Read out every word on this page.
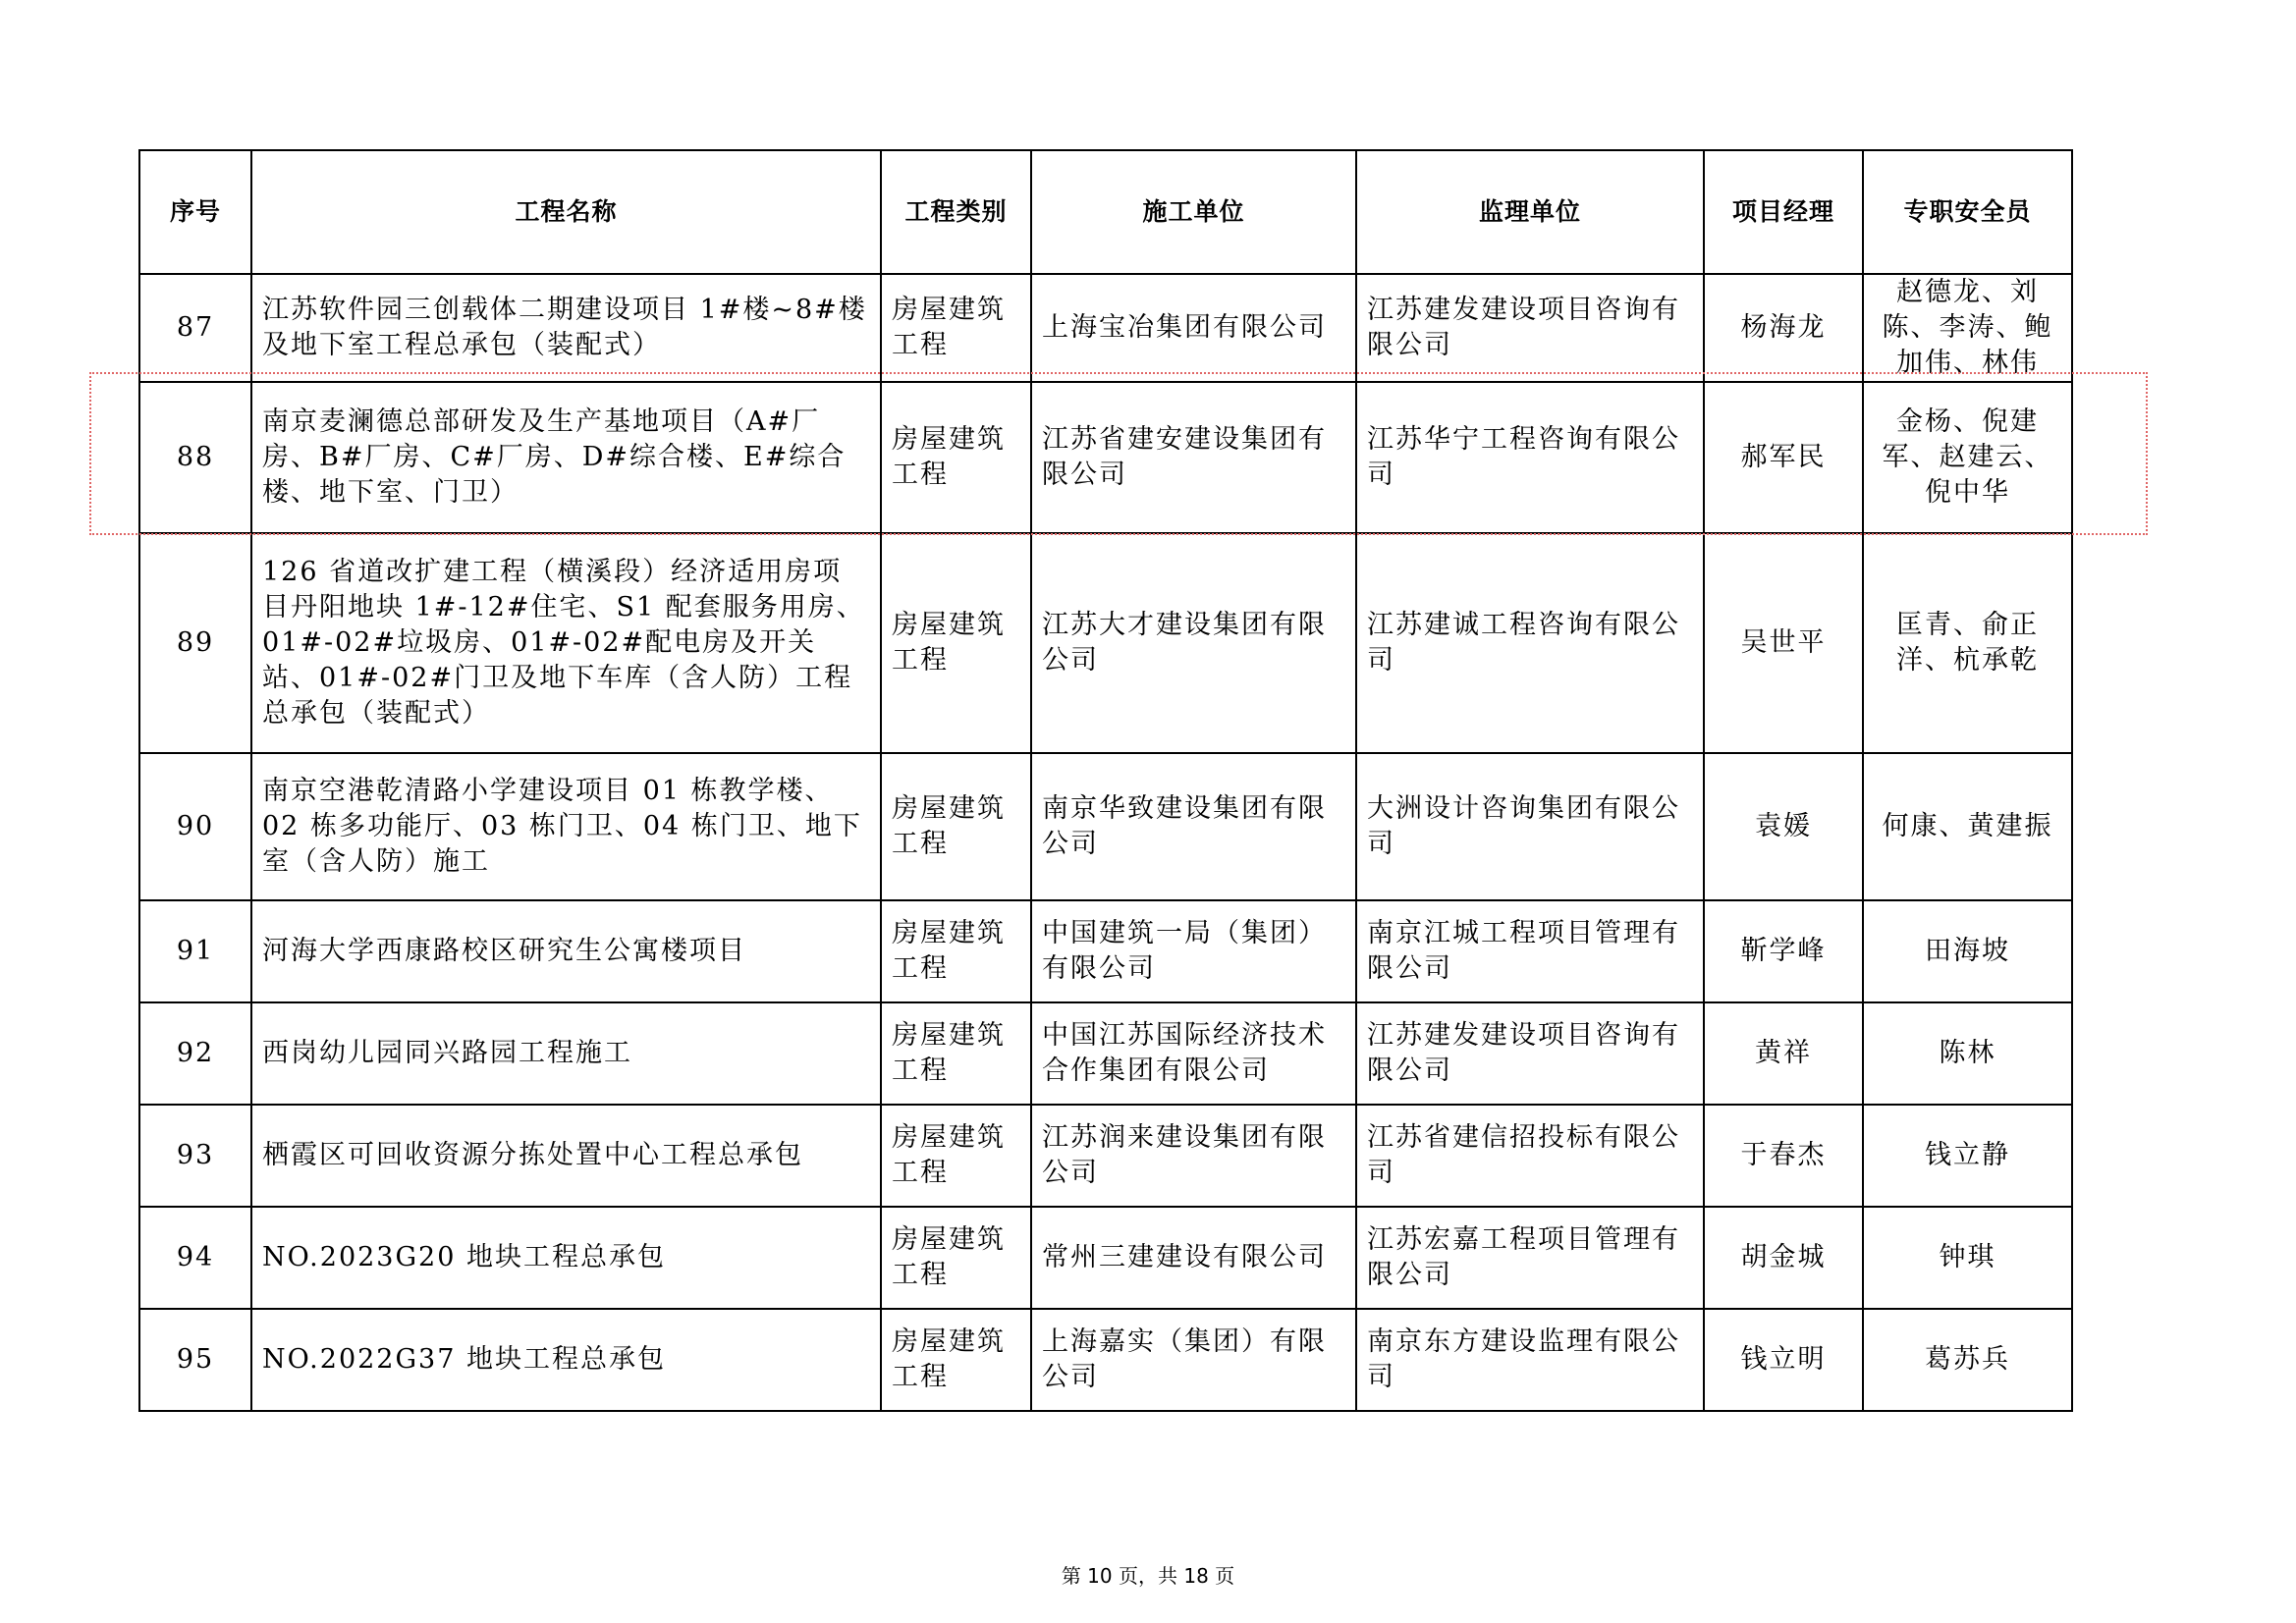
序号	工程名称	工程类别	施工单位	监理单位	项目经理	专职安全员
87	江苏软件园三创载体二期建设项目 1#楼~8#楼及地下室工程总承包（装配式）	房屋建筑工程	上海宝冶集团有限公司	江苏建发建设项目咨询有限公司	杨海龙	赵德龙、刘陈、李涛、鲍加伟、林伟
88	南京麦澜德总部研发及生产基地项目（A#厂房、B#厂房、C#厂房、D#综合楼、E#综合楼、地下室、门卫）	房屋建筑工程	江苏省建安建设集团有限公司	江苏华宁工程咨询有限公司	郝军民	金杨、倪建军、赵建云、倪中华
89	126 省道改扩建工程（横溪段）经济适用房项目丹阳地块 1#-12#住宅、S1 配套服务用房、01#-02#垃圾房、01#-02#配电房及开关站、01#-02#门卫及地下车库（含人防）工程总承包（装配式）	房屋建筑工程	江苏大才建设集团有限公司	江苏建诚工程咨询有限公司	吴世平	匡青、俞正洋、杭承乾
90	南京空港乾清路小学建设项目 01 栋教学楼、02 栋多功能厅、03 栋门卫、04 栋门卫、地下室（含人防）施工	房屋建筑工程	南京华致建设集团有限公司	大洲设计咨询集团有限公司	袁媛	何康、黄建振
91	河海大学西康路校区研究生公寓楼项目	房屋建筑工程	中国建筑一局（集团）有限公司	南京江城工程项目管理有限公司	靳学峰	田海坡
92	西岗幼儿园同兴路园工程施工	房屋建筑工程	中国江苏国际经济技术合作集团有限公司	江苏建发建设项目咨询有限公司	黄祥	陈林
93	栖霞区可回收资源分拣处置中心工程总承包	房屋建筑工程	江苏润来建设集团有限公司	江苏省建信招投标有限公司	于春杰	钱立静
94	NO.2023G20 地块工程总承包	房屋建筑工程	常州三建建设有限公司	江苏宏嘉工程项目管理有限公司	胡金城	钟琪
95	NO.2022G37 地块工程总承包	房屋建筑工程	上海嘉实（集团）有限公司	南京东方建设监理有限公司	钱立明	葛苏兵
第 10 页，共 18 页
